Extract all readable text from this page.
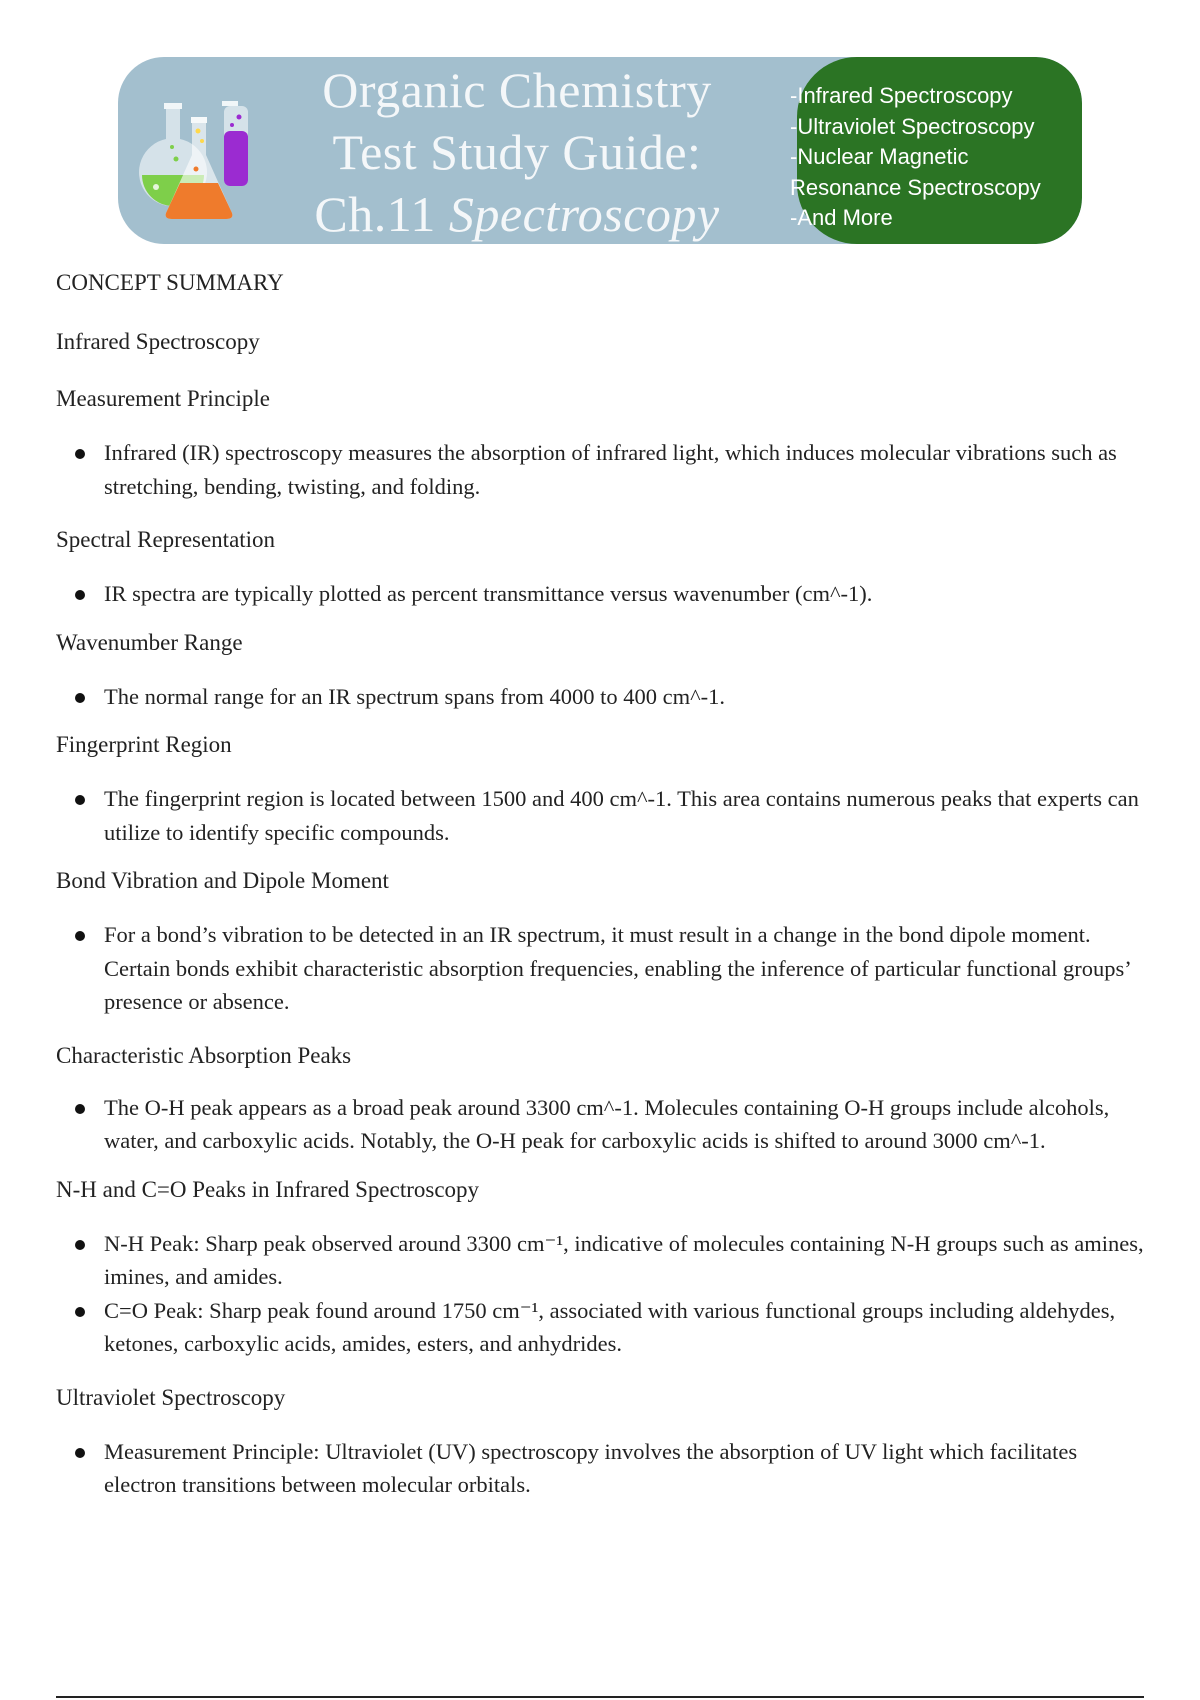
Organic Chemistry
Test Study Guide:
Ch.11 Spectroscopy
-Infrared Spectroscopy
-Ultraviolet Spectroscopy
-Nuclear Magnetic
Resonance Spectroscopy
-And More

CONCEPT SUMMARY

Infrared Spectroscopy

Measurement Principle

Infrared (IR) spectroscopy measures the absorption of infrared light, which induces molecular vibrations such as stretching, bending, twisting, and folding.

Spectral Representation

IR spectra are typically plotted as percent transmittance versus wavenumber (cm^-1).

Wavenumber Range

The normal range for an IR spectrum spans from 4000 to 400 cm^-1.

Fingerprint Region

The fingerprint region is located between 1500 and 400 cm^-1. This area contains numerous peaks that experts can utilize to identify specific compounds.

Bond Vibration and Dipole Moment

For a bond’s vibration to be detected in an IR spectrum, it must result in a change in the bond dipole moment. Certain bonds exhibit characteristic absorption frequencies, enabling the inference of particular functional groups’ presence or absence.

Characteristic Absorption Peaks

The O-H peak appears as a broad peak around 3300 cm^-1. Molecules containing O-H groups include alcohols, water, and carboxylic acids. Notably, the O-H peak for carboxylic acids is shifted to around 3000 cm^-1.

N-H and C=O Peaks in Infrared Spectroscopy

N-H Peak: Sharp peak observed around 3300 cm⁻¹, indicative of molecules containing N-H groups such as amines, imines, and amides.
C=O Peak: Sharp peak found around 1750 cm⁻¹, associated with various functional groups including aldehydes, ketones, carboxylic acids, amides, esters, and anhydrides.

Ultraviolet Spectroscopy

Measurement Principle: Ultraviolet (UV) spectroscopy involves the absorption of UV light which facilitates electron transitions between molecular orbitals.
